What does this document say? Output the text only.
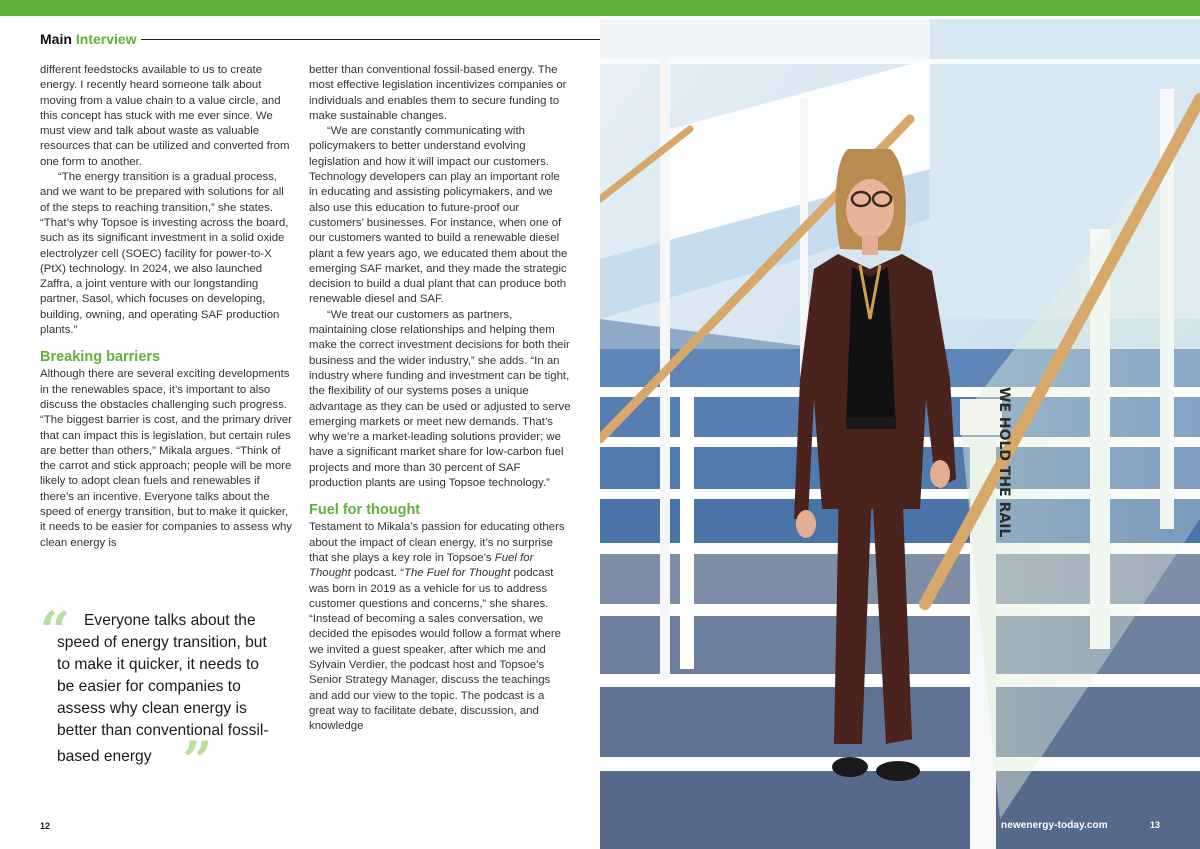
Main Interview

different feedstocks available to us to create energy. I recently heard someone talk about moving from a value chain to a value circle, and this concept has stuck with me ever since. We must view and talk about waste as valuable resources that can be utilized and converted from one form to another.

“The energy transition is a gradual process, and we want to be prepared with solutions for all of the steps to reaching transition,” she states. “That’s why Topsoe is investing across the board, such as its significant investment in a solid oxide electrolyzer cell (SOEC) facility for power-to-X (PtX) technology. In 2024, we also launched Zaffra, a joint venture with our longstanding partner, Sasol, which focuses on developing, building, owning, and operating SAF production plants.”

Breaking barriers

Although there are several exciting developments in the renewables space, it’s important to also discuss the obstacles challenging such progress. “The biggest barrier is cost, and the primary driver that can impact this is legislation, but certain rules are better than others,” Mikala argues. “Think of the carrot and stick approach; people will be more likely to adopt clean fuels and renewables if there’s an incentive. Everyone talks about the speed of energy transition, but to make it quicker, it needs to be easier for companies to assess why clean energy is

“ Everyone talks about the speed of energy transition, but to make it quicker, it needs to be easier for companies to assess why clean energy is better than conventional fossil-based energy ”

better than conventional fossil-based energy. The most effective legislation incentivizes companies or individuals and enables them to secure funding to make sustainable changes.

“We are constantly communicating with policymakers to better understand evolving legislation and how it will impact our customers. Technology developers can play an important role in educating and assisting policymakers, and we also use this education to future-proof our customers’ businesses. For instance, when one of our customers wanted to build a renewable diesel plant a few years ago, we educated them about the emerging SAF market, and they made the strategic decision to build a dual plant that can produce both renewable diesel and SAF.

“We treat our customers as partners, maintaining close relationships and helping them make the correct investment decisions for both their business and the wider industry,” she adds. “In an industry where funding and investment can be tight, the flexibility of our systems poses a unique advantage as they can be used or adjusted to serve emerging markets or meet new demands. That’s why we’re a market-leading solutions provider; we have a significant market share for low-carbon fuel projects and more than 30 percent of SAF production plants are using Topsoe technology.”

Fuel for thought

Testament to Mikala’s passion for educating others about the impact of clean energy, it’s no surprise that she plays a key role in Topsoe’s Fuel for Thought podcast. “The Fuel for Thought podcast was born in 2019 as a vehicle for us to address customer questions and concerns,” she shares. “Instead of becoming a sales conversation, we decided the episodes would follow a format where we invited a guest speaker, after which me and Sylvain Verdier, the podcast host and Topsoe’s Senior Strategy Manager, discuss the teachings and add our view to the topic. The podcast is a great way to facilitate debate, discussion, and knowledge

12
WE HOLD THE RAIL
newenergy-today.com	13
